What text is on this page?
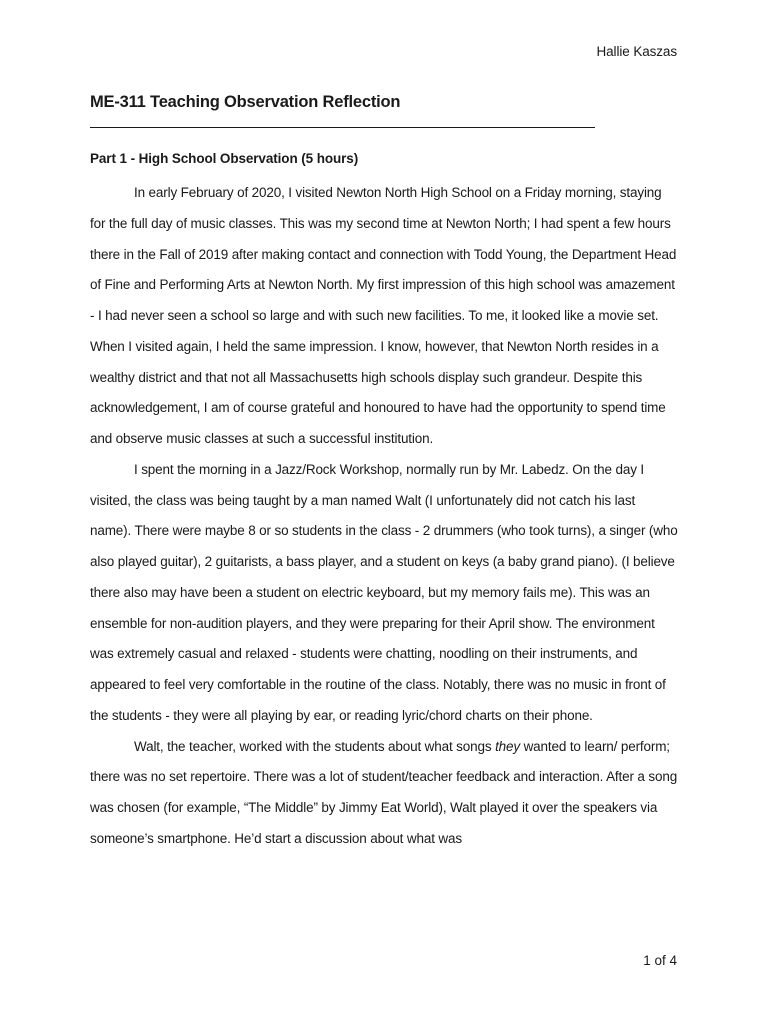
Hallie Kaszas
ME-311 Teaching Observation Reflection
Part 1 - High School Observation (5 hours)

In early February of 2020, I visited Newton North High School on a Friday morning, staying for the full day of music classes. This was my second time at Newton North; I had spent a few hours there in the Fall of 2019 after making contact and connection with Todd Young, the Department Head of Fine and Performing Arts at Newton North. My first impression of this high school was amazement - I had never seen a school so large and with such new facilities. To me, it looked like a movie set. When I visited again, I held the same impression. I know, however, that Newton North resides in a wealthy district and that not all Massachusetts high schools display such grandeur. Despite this acknowledgement, I am of course grateful and honoured to have had the opportunity to spend time and observe music classes at such a successful institution.

I spent the morning in a Jazz/Rock Workshop, normally run by Mr. Labedz. On the day I visited, the class was being taught by a man named Walt (I unfortunately did not catch his last name). There were maybe 8 or so students in the class - 2 drummers (who took turns), a singer (who also played guitar), 2 guitarists, a bass player, and a student on keys (a baby grand piano). (I believe there also may have been a student on electric keyboard, but my memory fails me). This was an ensemble for non-audition players, and they were preparing for their April show. The environment was extremely casual and relaxed - students were chatting, noodling on their instruments, and appeared to feel very comfortable in the routine of the class. Notably, there was no music in front of the students - they were all playing by ear, or reading lyric/chord charts on their phone.

Walt, the teacher, worked with the students about what songs they wanted to learn/ perform; there was no set repertoire. There was a lot of student/teacher feedback and interaction. After a song was chosen (for example, “The Middle” by Jimmy Eat World), Walt played it over the speakers via someone’s smartphone. He’d start a discussion about what was

1 of 4
